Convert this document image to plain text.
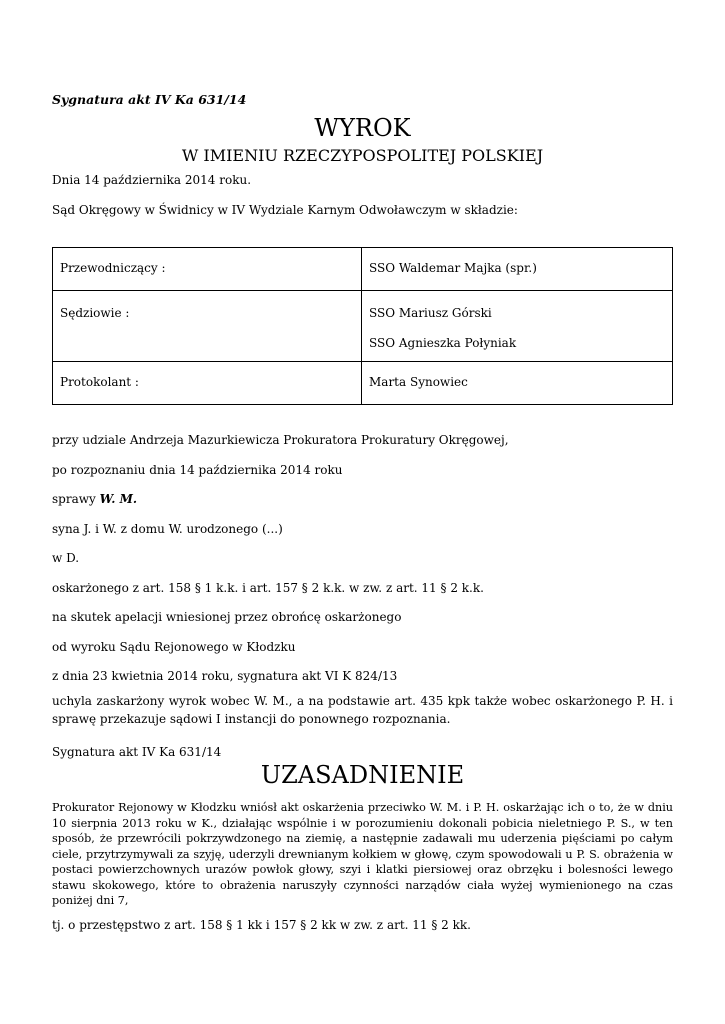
Sygnatura akt IV Ka 631/14
WYROK
W IMIENIU RZECZYPOSPOLITEJ POLSKIEJ
Dnia 14 października 2014 roku.
Sąd Okręgowy w Świdnicy w IV Wydziale Karnym Odwoławczym w składzie:
Przewodniczący :	SSO Waldemar Majka (spr.)
Sędziowie :	SSO Mariusz Górski
SSO Agnieszka Połyniak

Protokolant :	Marta Synowiec
przy udziale Andrzeja Mazurkiewicza Prokuratora Prokuratury Okręgowej,
po rozpoznaniu dnia 14 października 2014 roku
sprawy W. M.
syna J. i W. z domu W. urodzonego (...)
w D.
oskarżonego z art. 158 § 1 k.k. i art. 157 § 2 k.k. w zw. z art. 11 § 2 k.k.
na skutek apelacji wniesionej przez obrońcę oskarżonego
od wyroku Sądu Rejonowego w Kłodzku
z dnia 23 kwietnia 2014 roku, sygnatura akt VI K 824/13
uchyla zaskarżony wyrok wobec W. M., a na podstawie art. 435 kpk także wobec oskarżonego P. H. i sprawę przekazuje sądowi I instancji do ponownego rozpoznania.
Sygnatura akt IV Ka 631/14
UZASADNIENIE
Prokurator Rejonowy w Kłodzku wniósł akt oskarżenia przeciwko W. M. i P. H. oskarżając ich o to, że w dniu 10 sierpnia 2013 roku w K., działając wspólnie i w porozumieniu dokonali pobicia nieletniego P. S., w ten sposób, że przewrócili pokrzywdzonego na ziemię, a następnie zadawali mu uderzenia pięściami po całym ciele, przytrzymywali za szyję, uderzyli drewnianym kołkiem w głowę, czym spowodowali u P. S. obrażenia w postaci powierzchownych urazów powłok głowy, szyi i klatki piersiowej oraz obrzęku i bolesności lewego stawu skokowego, które to obrażenia naruszyły czynności narządów ciała wyżej wymienionego na czas poniżej dni 7,
tj. o przestępstwo z art. 158 § 1 kk i 157 § 2 kk w zw. z art. 11 § 2 kk.
